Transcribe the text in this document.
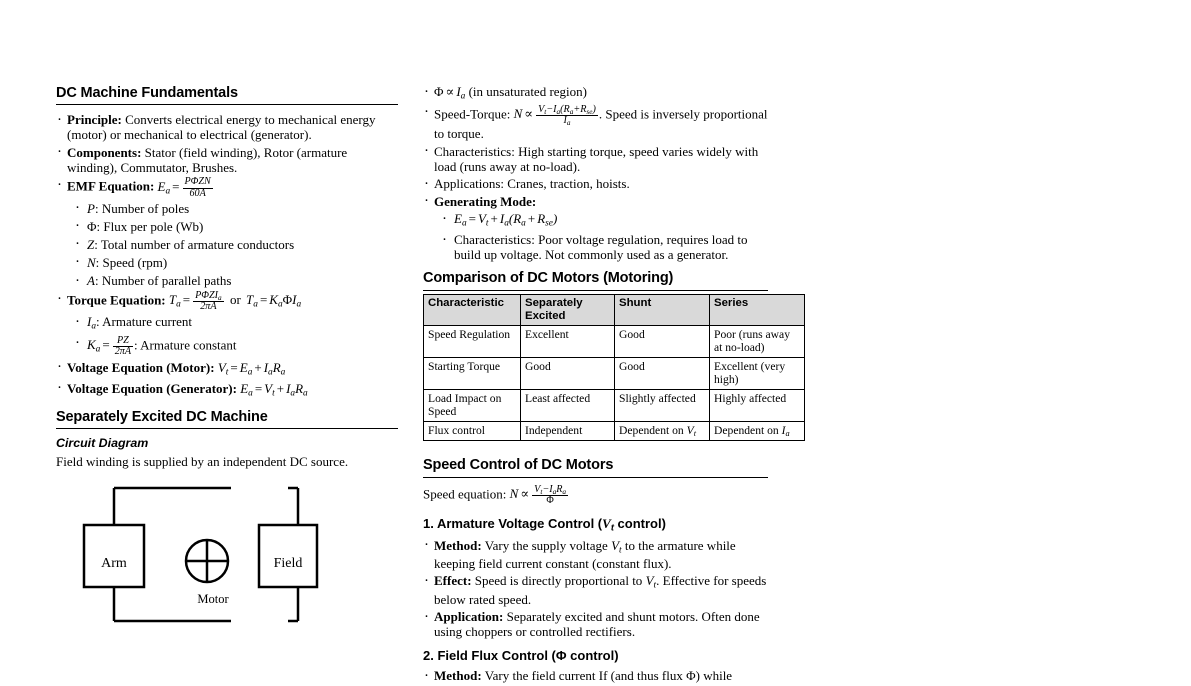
DC Machine Fundamentals
· Principle: Converts electrical energy to mechanical energy (motor) or mechanical to electrical (generator).
· Components: Stator (field winding), Rotor (armature winding), Commutator, Brushes.
· EMF Equation: $E_a = \frac{\text{PΦZN}}{60A}$
· P: Number of poles
· Φ: Flux per pole (Wb)
· Z: Total number of armature conductors
· N: Speed (rpm)
· A: Number of parallel paths
· Torque Equation: $T_a = \frac{P\Phi ZI_a}{2\pi A}$ or $T_a = K_a\Phi I_a$
· $I_a$: Armature current
· $K_a = \frac{PZ}{2\pi A}$ : Armature constant
· Voltage Equation (Motor): $V_t = E_a + I_aR_a$
· Voltage Equation (Generator): $E_a = V_t + I_aR_a$
Separately Excited DC Machine
Circuit Diagram

Field winding is supplied by an independent DC source.

Arm	Field
Motor
· $\Phi \propto I_a$ (in unsaturated region)
· Speed-Torque: $N \propto \frac{V_t-I_a(R_a+R_{se})}{I_a}$ . Speed is inversely proportional to torque.
· Characteristics: High starting torque, speed varies widely with load (runs away at no-load).
· Applications: Cranes, traction, hoists.
· Generating Mode:
· $E_a = V_t + I_a(R_a + R_{se})$
· Characteristics: Poor voltage regulation, requires load to build up voltage. Not commonly used as a generator.
Comparison of DC Motors (Motoring)
Characteristic	Separately Excited	Shunt	Series
Speed Regulation	Excellent	Good	Poor (runs away at no-load)
Starting Torque	Good	Good	Excellent (very high)
Load Impact on Speed	Least affected	Slightly affected	Highly affected
Flux control	Independent	Dependent on $V_t$	Dependent on $I_a$
Speed Control of DC Motors

Speed equation: $N \propto \frac{V_t-I_aR_a}{\Phi}$

1. Armature Voltage Control ($V_t$ control)
· Method: Vary the supply voltage $V_t$ to the armature while keeping field current constant (constant flux).
· Effect: Speed is directly proportional to $V_t$. Effective for speeds below rated speed.
· Application: Separately excited and shunt motors. Often done using choppers or controlled rectifiers.
2. Field Flux Control (Φ control)
· Method: Vary the field current If (and thus flux Φ) while
